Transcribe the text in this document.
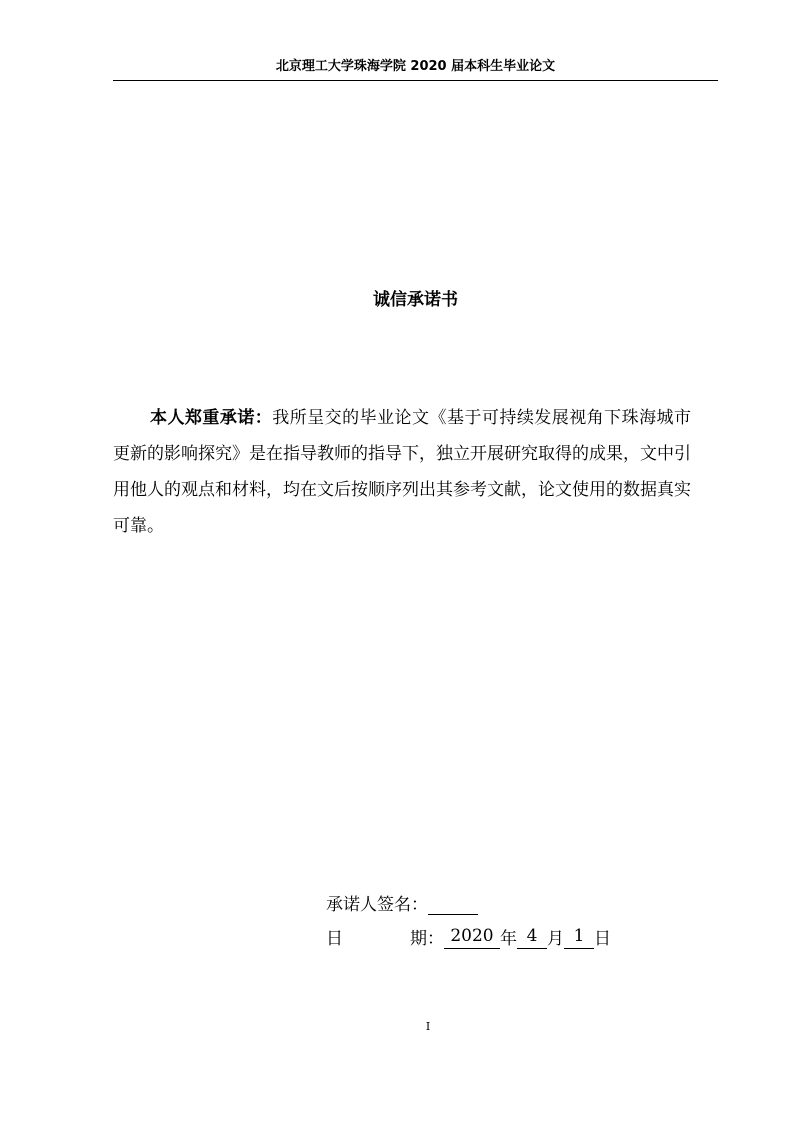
北京理工大学珠海学院 2020 届本科生毕业论文
诚信承诺书
本人郑重承诺：我所呈交的毕业论文《基于可持续发展视角下珠海城市更新的影响探究》是在指导教师的指导下，独立开展研究取得的成果，文中引用他人的观点和材料，均在文后按顺序列出其参考文献，论文使用的数据真实可靠。
承诺人签名：
日	期： 2020 年 4 月 1 日
I
